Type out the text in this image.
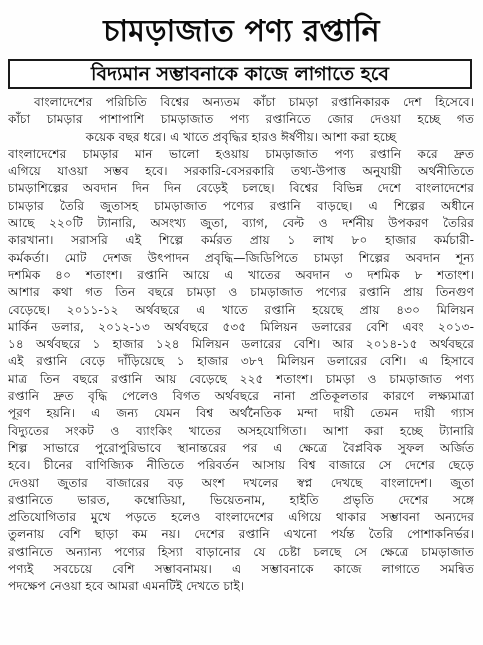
চামড়াজাত পণ্য রপ্তানি
বিদ্যমান সম্ভাবনাকে কাজে লাগাতে হবে
বাংলাদেশের পরিচিতি বিশ্বের অন্যতম কাঁচা চামড়া রপ্তানিকারক দেশ হিসেবে।
কাঁচা চামড়ার পাশাপাশি চামড়াজাত পণ্য রপ্তানিতে জোর দেওয়া হচ্ছে গত
কয়েক বছর ধরে। এ খাতে প্রবৃদ্ধির হারও ঈর্ষণীয়। আশা করা হচ্ছে
বাংলাদেশের চামড়ার মান ভালো হওয়ায় চামড়াজাত পণ্য রপ্তানি করে দ্রুত
এগিয়ে যাওয়া সম্ভব হবে। সরকারি-বেসরকারি তথ্য-উপাত্ত অনুযায়ী অর্থনীতিতে
চামড়াশিল্পের অবদান দিন দিন বেড়েই চলছে। বিশ্বের বিভিন্ন দেশে বাংলাদেশের
চামড়ার তৈরি জুতাসহ চামড়াজাত পণ্যের রপ্তানি বাড়ছে। এ শিল্পের অধীনে
আছে ২২০টি ট্যানারি, অসংখ্য জুতা, ব্যাগ, বেল্ট ও দর্শনীয় উপকরণ তৈরির
কারখানা। সরাসরি এই শিল্পে কর্মরত প্রায় ১ লাখ ৮০ হাজার কর্মচারী-
কর্মকর্তা। মোট দেশজ উৎপাদন প্রবৃদ্ধি—জিডিপিতে চামড়া শিল্পের অবদান শূন্য
দশমিক ৪০ শতাংশ। রপ্তানি আয়ে এ খাতের অবদান ৩ দশমিক ৮ শতাংশ।
আশার কথা গত তিন বছরে চামড়া ও চামড়াজাত পণ্যের রপ্তানি প্রায় তিনগুণ
বেড়েছে। ২০১১-১২ অর্থবছরে এ খাতে রপ্তানি হয়েছে প্রায় ৪৩০ মিলিয়ন
মার্কিন ডলার, ২০১২-১৩ অর্থবছরে ৫৩৫ মিলিয়ন ডলারের বেশি এবং ২০১৩-
১৪ অর্থবছরে ১ হাজার ১২৪ মিলিয়ন ডলারের বেশি। আর ২০১৪-১৫ অর্থবছরে
এই রপ্তানি বেড়ে দাঁড়িয়েছে ১ হাজার ৩৮৭ মিলিয়ন ডলারের বেশি। এ হিসাবে
মাত্র তিন বছরে রপ্তানি আয় বেড়েছে ২২৫ শতাংশ। চামড়া ও চামড়াজাত পণ্য
রপ্তানি দ্রুত বৃদ্ধি পেলেও বিগত অর্থবছরে নানা প্রতিকূলতার কারণে লক্ষ্যমাত্রা
পূরণ হয়নি। এ জন্য যেমন বিশ্ব অর্থনৈতিক মন্দা দায়ী তেমন দায়ী গ্যাস
বিদ্যুতের সংকট ও ব্যাংকিং খাতের অসহযোগিতা। আশা করা হচ্ছে ট্যানারি
শিল্প সাভারে পুরোপুরিভাবে স্থানান্তরের পর এ ক্ষেত্রে বৈপ্লবিক সুফল অর্জিত
হবে। চীনের বাণিজ্যিক নীতিতে পরিবর্তন আসায় বিশ্ব বাজারে সে দেশের ছেড়ে
দেওয়া জুতার বাজারের বড় অংশ দখলের স্বপ্ন দেখছে বাংলাদেশ। জুতা
রপ্তানিতে ভারত, কম্বোডিয়া, ভিয়েতনাম, হাইতি প্রভৃতি দেশের সঙ্গে
প্রতিযোগিতার মুখে পড়তে হলেও বাংলাদেশের এগিয়ে থাকার সম্ভাবনা অন্যদের
তুলনায় বেশি ছাড়া কম নয়। দেশের রপ্তানি এখনো পর্যন্ত তৈরি পোশাকনির্ভর।
রপ্তানিতে অন্যান্য পণ্যের হিস্যা বাড়ানোর যে চেষ্টা চলছে সে ক্ষেত্রে চামড়াজাত
পণ্যই সবচেয়ে বেশি সম্ভাবনাময়। এ সম্ভাবনাকে কাজে লাগাতে সমন্বিত
পদক্ষেপ নেওয়া হবে আমরা এমনটিই দেখতে চাই।
